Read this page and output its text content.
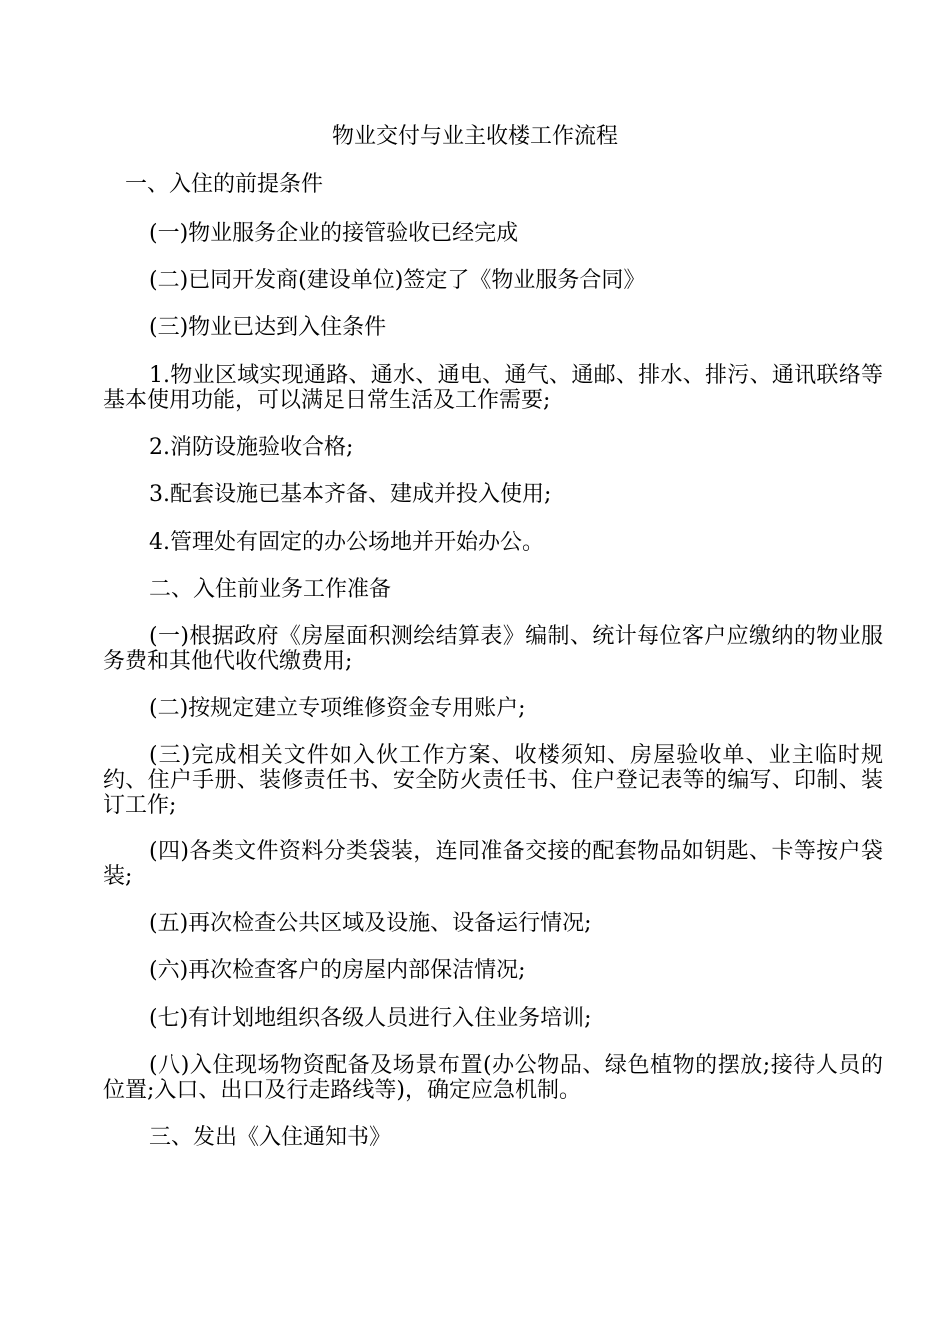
物业交付与业主收楼工作流程

一、入住的前提条件

(一)物业服务企业的接管验收已经完成

(二)已同开发商(建设单位)签定了《物业服务合同》

(三)物业已达到入住条件

1.物业区域实现通路、通水、通电、通气、通邮、排水、排污、通讯联络等基本使用功能，可以满足日常生活及工作需要;

2.消防设施验收合格;

3.配套设施已基本齐备、建成并投入使用;

4.管理处有固定的办公场地并开始办公。

二、入住前业务工作准备

(一)根据政府《房屋面积测绘结算表》编制、统计每位客户应缴纳的物业服务费和其他代收代缴费用;

(二)按规定建立专项维修资金专用账户;

(三)完成相关文件如入伙工作方案、收楼须知、房屋验收单、业主临时规约、住户手册、装修责任书、安全防火责任书、住户登记表等的编写、印制、装订工作;

(四)各类文件资料分类袋装，连同准备交接的配套物品如钥匙、卡等按户袋装;

(五)再次检查公共区域及设施、设备运行情况;

(六)再次检查客户的房屋内部保洁情况;

(七)有计划地组织各级人员进行入住业务培训;

(八)入住现场物资配备及场景布置(办公物品、绿色植物的摆放;接待人员的位置;入口、出口及行走路线等)，确定应急机制。

三、发出《入住通知书》
